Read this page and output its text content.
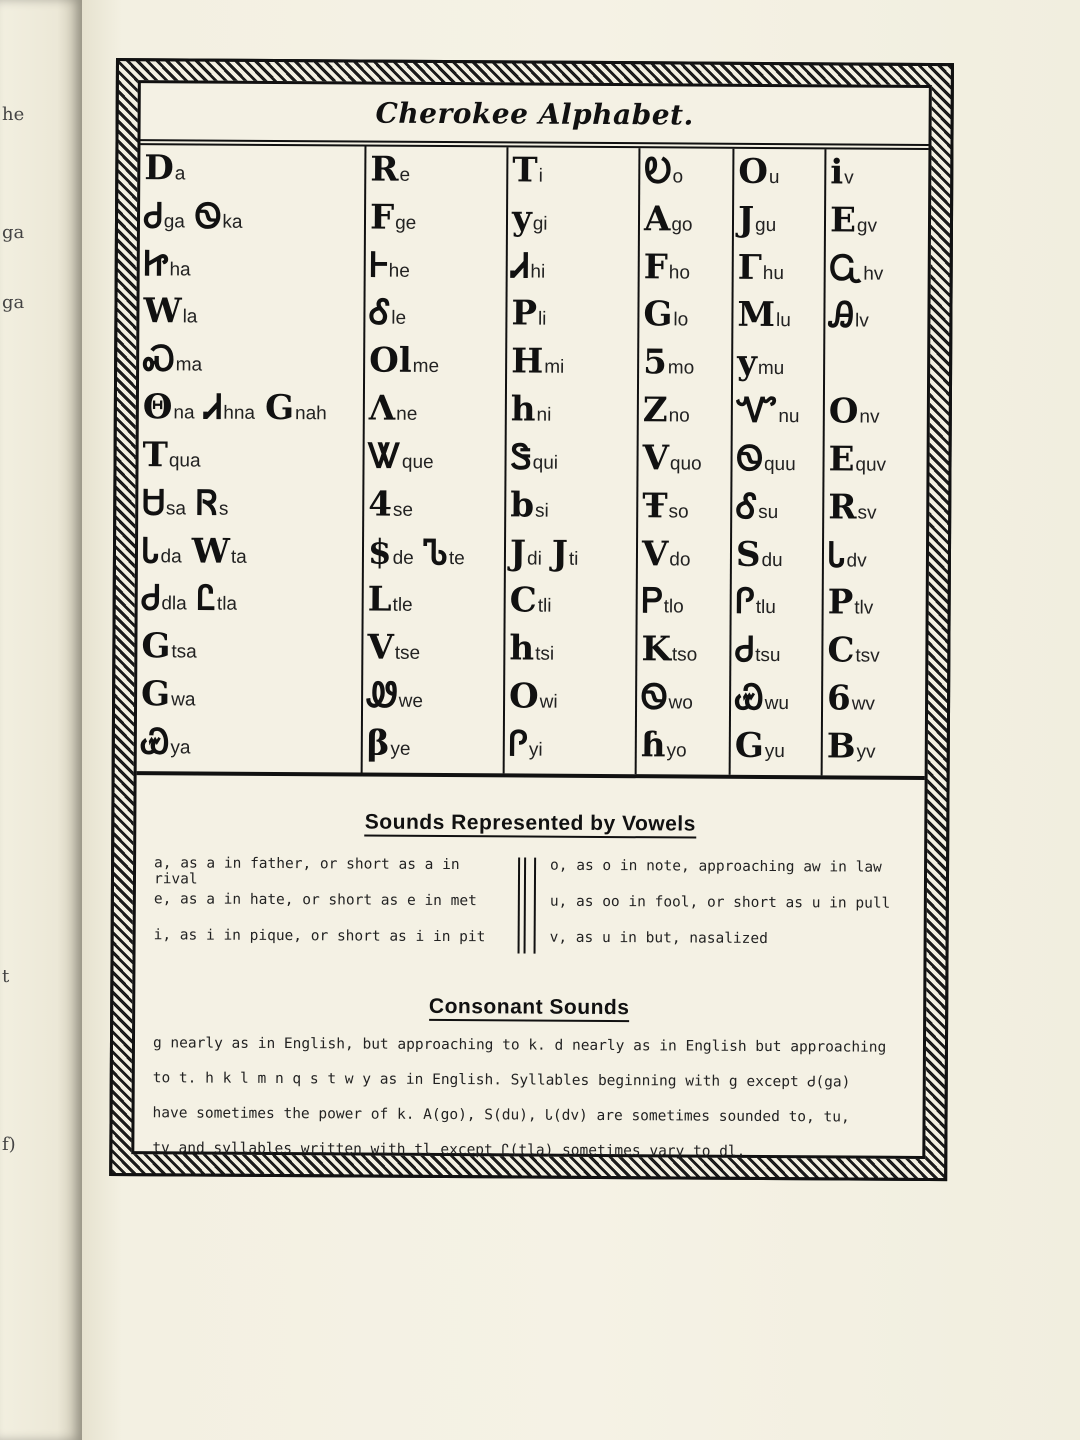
he
ga
ga
t
f)
Cherokee Alphabet.
D a
Ꮷ ga Ꮻ ka
Ꮵ ha
W la
Ꮝ ma
Θ na Ꮧ hna G nah
T qua
Ꮜ sa Ꮢ s
Ꮣ da W ta
Ꮷ dla Ꮭ tla
G tsa
G wa
Ꮿ ya
R e
F ge
Ꮀ he
Ꮄ le
Ol me
Λ ne
Ꮤ que
4 se
$ de Ꮦ te
L tle
V tse
Ꮺ we
β ye
T i
y gi
Ꮧ hi
P li
H mi
h ni
Ꮥ qui
b si
J di J ti
C tli
h tsi
O wi
Ꮅ yi
Ꭷ o
A go
F ho
G lo
5 mo
Z no
V quo
Ŧ so
V do
Ꮲ tlo
K tso
Ꮻ wo
ɦ yo
O u
J gu
Γ hu
M lu
y mu
Ꮙ nu
Ꮻ quu
Ꮄ su
S du
Ꮅ tlu
Ꮷ tsu
Ꮿ wu
G yu
i v
E gv
Ꮹ hv
Ꭿ lv
O nv
E quv
R sv
Ꮣ dv
P tlv
C tsv
6 wv
B yv
Sounds Represented by Vowels
a, as a in father, or short as a in rival
e, as a in hate, or short as e in met
i, as i in pique, or short as i in pit
o, as o in note, approaching aw in law
u, as oo in fool, or short as u in pull
v, as u in but, nasalized
Consonant Sounds
g nearly as in English, but approaching to k. d nearly as in English but approaching
to t. h k l m n q s t w y as in English. Syllables beginning with g except Ꮷ(ga)
have sometimes the power of k. A(go), S(du), Ꮣ(dv) are sometimes sounded to, tu,
tv and syllables written with tl except Ꮭ(tla) sometimes vary to dl.
